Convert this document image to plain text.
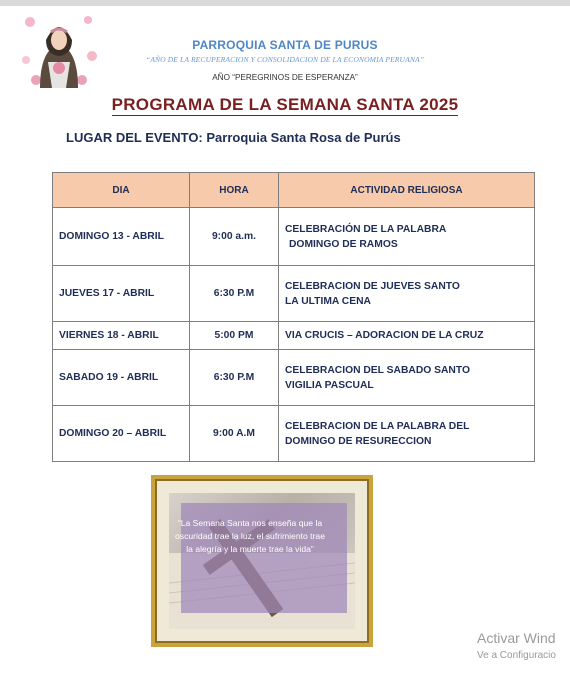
PARROQUIA SANTA DE PURUS
“AÑO DE LA RECUPERACION Y CONSOLIDACION DE LA ECONOMIA PERUANA”
AÑO “PEREGRINOS DE ESPERANZA”
PROGRAMA DE LA SEMANA SANTA 2025
LUGAR DEL EVENTO: Parroquia Santa Rosa de Purús
DIA	HORA	ACTIVIDAD RELIGIOSA
DOMINGO 13 - ABRIL	9:00 a.m.	CELEBRACIÓN DE LA PALABRA
DOMINGO DE RAMOS

JUEVES 17 - ABRIL	6:30 P.M	CELEBRACION DE JUEVES SANTO
LA ULTIMA CENA

VIERNES 18 - ABRIL	5:00 PM	VIA CRUCIS – ADORACION DE LA CRUZ

SABADO 19 - ABRIL	6:30 P.M	CELEBRACION DEL SABADO SANTO
VIGILIA PASCUAL

DOMINGO 20 – ABRIL	9:00 A.M	CELEBRACION DE LA PALABRA DEL
DOMINGO DE RESURECCION
“La Semana Santa nos enseña que la oscuridad trae la luz, el sufrimiento trae la alegría y la muerte trae la vida”
Activar Wind
Ve a Configuracio
